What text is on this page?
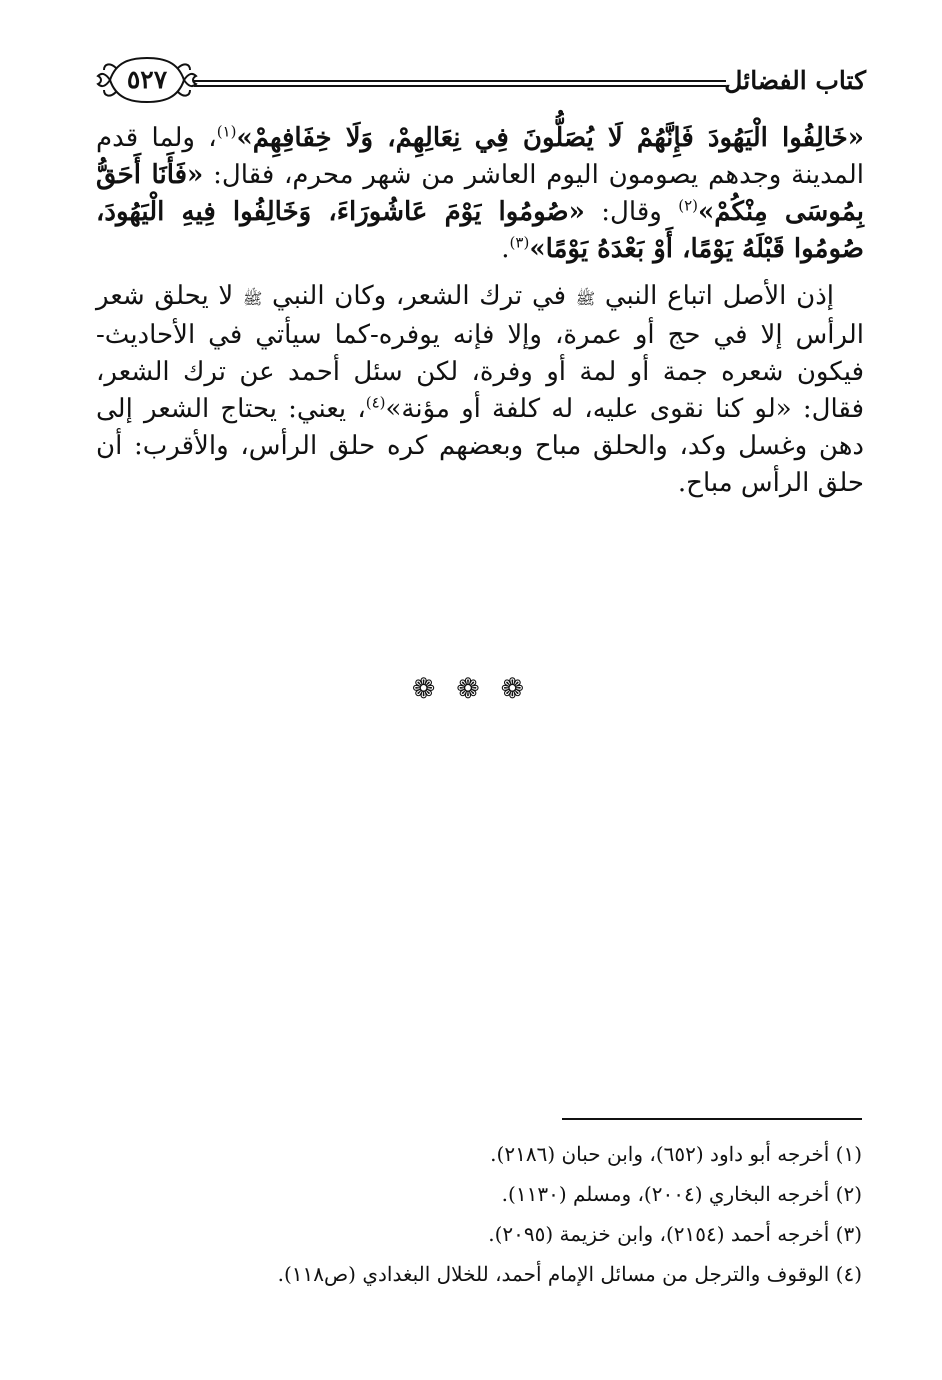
كتاب الفضائل
٥٢٧

«خَالِفُوا الْيَهُودَ فَإِنَّهُمْ لَا يُصَلُّونَ فِي نِعَالِهِمْ، وَلَا خِفَافِهِمْ»$^{(١)}$، ولما قدم المدينة وجدهم يصومون اليوم العاشر من شهر محرم، فقال: «فَأَنَا أَحَقُّ بِمُوسَى مِنْكُمْ»$^{(٢)}$ وقال: «صُومُوا يَوْمَ عَاشُورَاءَ، وَخَالِفُوا فِيهِ الْيَهُودَ، صُومُوا قَبْلَهُ يَوْمًا، أَوْ بَعْدَهُ يَوْمًا»$^{(٣)}$.

إذن الأصل اتباع النبي ﷺ في ترك الشعر، وكان النبي ﷺ لا يحلق شعر الرأس إلا في حج أو عمرة، وإلا فإنه يوفره-كما سيأتي في الأحاديث- فيكون شعره جمة أو لمة أو وفرة، لكن سئل أحمد عن ترك الشعر، فقال: «لو كنا نقوى عليه، له كلفة أو مؤنة»$^{(٤)}$، يعني: يحتاج الشعر إلى دهن وغسل وكد، والحلق مباح وبعضهم كره حلق الرأس، والأقرب: أن حلق الرأس مباح.

❁ ❁ ❁

(١) أخرجه أبو داود (٦٥٢)، وابن حبان (٢١٨٦).

(٢) أخرجه البخاري (٢٠٠٤)، ومسلم (١١٣٠).

(٣) أخرجه أحمد (٢١٥٤)، وابن خزيمة (٢٠٩٥).

(٤) الوقوف والترجل من مسائل الإمام أحمد، للخلال البغدادي (ص١١٨).
